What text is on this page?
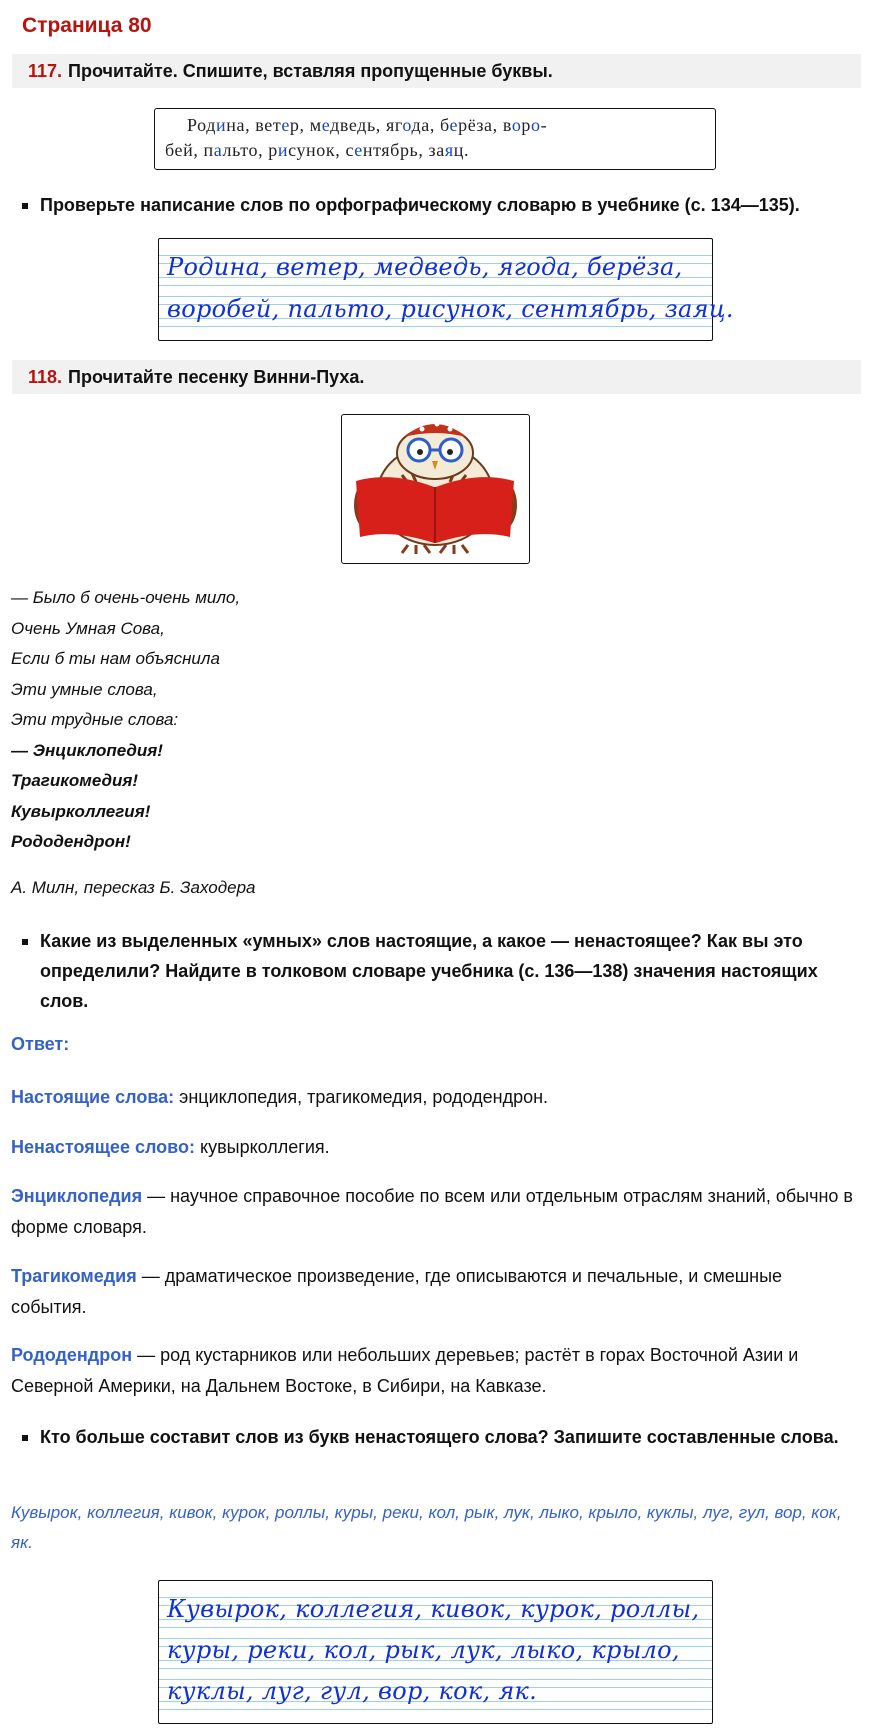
Страница 80
117. Прочитайте. Спишите, вставляя пропущенные буквы.
Родина, ветер, медведь, ягода, берёза, воро-
бей, пальто, рисунок, сентябрь, заяц.
Проверьте написание слов по орфографическому словарю в учебнике (с. 134—135).
Родина, ветер, медведь, ягода, берёза,
воробей, пальто, рисунок, сентябрь, заяц.
118. Прочитайте песенку Винни-Пуха.
— Было б очень-очень мило,
Очень Умная Сова,
Если б ты нам объяснила
Эти умные слова,
Эти трудные слова:
— Энциклопедия!
Трагикомедия!
Кувырколлегия!
Рододендрон!
А. Милн, пересказ Б. Заходера
Какие из выделенных «умных» слов настоящие, а какое — ненастоящее? Как вы это определили? Найдите в толковом словаре учебника (с. 136—138) значения настоящих слов.
Ответ:
Настоящие слова: энциклопедия, трагикомедия, рододендрон.
Ненастоящее слово: кувырколлегия.
Энциклопедия — научное справочное пособие по всем или отдельным отраслям знаний, обычно в форме словаря.
Трагикомедия — драматическое произведение, где описываются и печальные, и смешные события.
Рододендрон — род кустарников или небольших деревьев; растёт в горах Восточной Азии и Северной Америки, на Дальнем Востоке, в Сибири, на Кавказе.
Кто больше составит слов из букв ненастоящего слова? Запишите составленные слова.
Кувырок, коллегия, кивок, курок, роллы, куры, реки, кол, рык, лук, лыко, крыло, куклы, луг, гул, вор, кок, як.
Кувырок, коллегия, кивок, курок, роллы,
куры, реки, кол, рык, лук, лыко, крыло,
куклы, луг, гул, вор, кок, як.
